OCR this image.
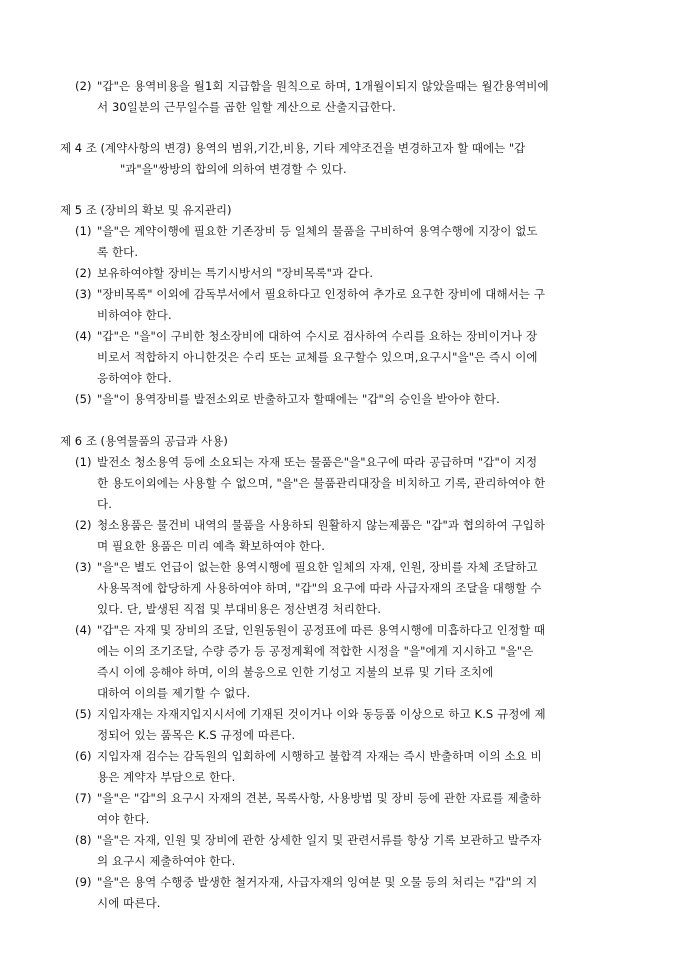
(2) "갑"은 용역비용을 월1회 지급함을 원칙으로 하며, 1개월이되지 않았을때는 월간용역비에
서 30일분의 근무일수를 곱한 일할 계산으로 산출지급한다.
제 4 조 (계약사항의 변경) 용역의 범위,기간,비용, 기타 계약조건을 변경하고자 할 때에는 "갑
"과"을"쌍방의 합의에 의하여 변경할 수 있다.
제 5 조 (장비의 확보 및 유지관리)
(1) "을"은 계약이행에 필요한 기존장비 등 일체의 물품을 구비하여 용역수행에 지장이 없도
록 한다.
(2) 보유하여야할 장비는 특기시방서의 "장비목록"과 같다.
(3) "장비목록" 이외에 감독부서에서 필요하다고 인정하여 추가로 요구한 장비에 대해서는 구
비하여야 한다.
(4) "갑"은 "을"이 구비한 청소장비에 대하여 수시로 검사하여 수리를 요하는 장비이거나 장
비로서 적합하지 아니한것은 수리 또는 교체를 요구할수 있으며,요구시"을"은 즉시 이에
응하여야 한다.
(5) "을"이 용역장비를 발전소외로 반출하고자 할때에는 "갑"의 승인을 받아야 한다.
제 6 조 (용역물품의 공급과 사용)
(1) 발전소 청소용역 등에 소요되는 자재 또는 물품은"을"요구에 따라 공급하며 "갑"이 지정
한 용도이외에는 사용할 수 없으며, "을"은 물품관리대장을 비치하고 기록, 관리하여야 한
다.
(2) 청소용품은 물건비 내역의 물품을 사용하되 원활하지 않는제품은 "갑"과 협의하여 구입하
며 필요한 용품은 미리 예측 확보하여야 한다.
(3) "을"은 별도 언급이 없는한 용역시행에 필요한 일체의 자재, 인원, 장비를 자체 조달하고
사용목적에 합당하게 사용하여야 하며, "갑"의 요구에 따라 사급자재의 조달을 대행할 수
있다. 단, 발생된 직접 및 부대비용은 정산변경 처리한다.
(4) "갑"은 자재 및 장비의 조달, 인원동원이 공정표에 따른 용역시행에 미흡하다고 인정할 때
에는 이의 조기조달, 수량 증가 등 공정계획에 적합한 시정을 "을"에게 지시하고 "을"은
즉시 이에 응해야 하며, 이의 불응으로 인한 기성고 지불의 보류 및 기타 조치에
대하여 이의를 제기할 수 없다.
(5) 지입자재는 자재지입지시서에 기재된 것이거나 이와 동등품 이상으로 하고 K.S 규정에 제
정되어 있는 품목은 K.S 규정에 따른다.
(6) 지입자재 검수는 감독원의 입회하에 시행하고 불합격 자재는 즉시 반출하며 이의 소요 비
용은 계약자 부담으로 한다.
(7) "을"은 "갑"의 요구시 자재의 견본, 목록사항, 사용방법 및 장비 등에 관한 자료를 제출하
여야 한다.
(8) "을"은 자재, 인원 및 장비에 관한 상세한 일지 및 관련서류를 항상 기록 보관하고 발주자
의 요구시 제출하여야 한다.
(9) "을"은 용역 수행중 발생한 철거자재, 사급자재의 잉여분 및 오물 등의 처리는 "갑"의 지
시에 따른다.
